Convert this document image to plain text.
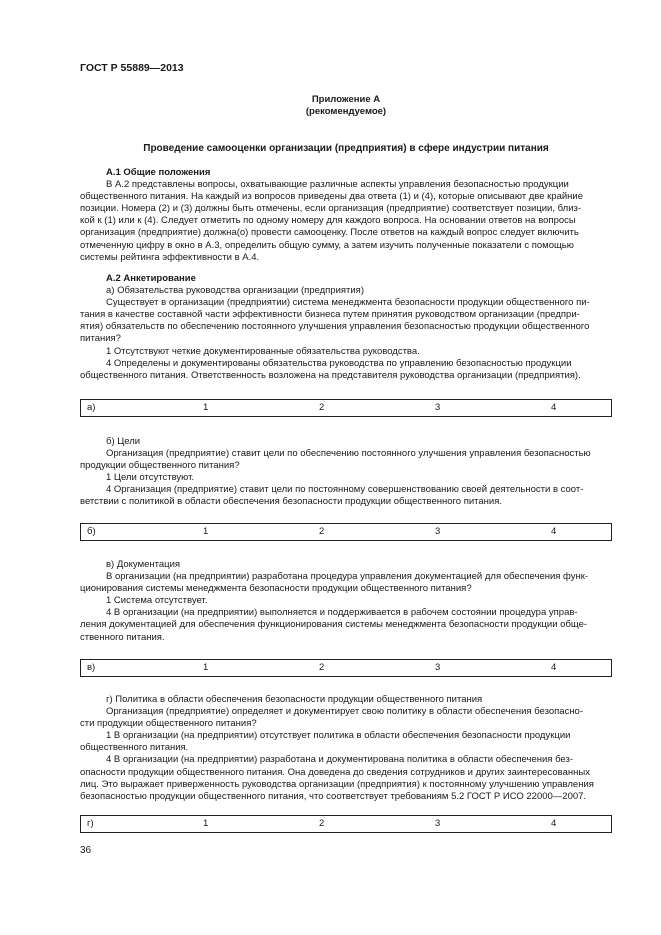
ГОСТ Р 55889—2013
Приложение А
(рекомендуемое)
Проведение самооценки организации (предприятия) в сфере индустрии питания

А.1 Общие положения

В А.2 представлены вопросы, охватывающие различные аспекты управления безопасностью продукции

общественного питания. На каждый из вопросов приведены два ответа (1) и (4), которые описывают две крайние

позиции. Номера (2) и (3) должны быть отмечены, если организация (предприятие) соответствует позиции, близ-

кой к (1) или к (4). Следует отметить по одному номеру для каждого вопроса. На основании ответов на вопросы

организация (предприятие) должна(о) провести самооценку. После ответов на каждый вопрос следует включить

отмеченную цифру в окно в А.3, определить общую сумму, а затем изучить полученные показатели с помощью

системы рейтинга эффективности в А.4.

А.2 Анкетирование

а) Обязательства руководства организации (предприятия)

Существует в организации (предприятии) система менеджмента безопасности продукции общественного пи-

тания в качестве составной части эффективности бизнеса путем принятия руководством организации (предпри-

ятия) обязательств по обеспечению постоянного улучшения управления безопасностью продукции общественного

питания?

1 Отсутствуют четкие документированные обязательства руководства.

4 Определены и документированы обязательства руководства по управлению безопасностью продукции

общественного питания. Ответственность возложена на представителя руководства организации (предприятия).

а)	1	2	3	4

б) Цели

Организация (предприятие) ставит цели по обеспечению постоянного улучшения управления безопасностью

продукции общественного питания?

1 Цели отсутствуют.

4 Организация (предприятие) ставит цели по постоянному совершенствованию своей деятельности в соот-

ветствии с политикой в области обеспечения безопасности продукции общественного питания.

б)	1	2	3	4

в) Документация

В организации (на предприятии) разработана процедура управления документацией для обеспечения функ-

ционирования системы менеджмента безопасности продукции общественного питания?

1 Система отсутствует.

4 В организации (на предприятии) выполняется и поддерживается в рабочем состоянии процедура управ-

ления документацией для обеспечения функционирования системы менеджмента безопасности продукции обще-

ственного питания.

в)	1	2	3	4

г) Политика в области обеспечения безопасности продукции общественного питания

Организация (предприятие) определяет и документирует свою политику в области обеспечения безопасно-

сти продукции общественного питания?

1 В организации (на предприятии) отсутствует политика в области обеспечения безопасности продукции

общественного питания.

4 В организации (на предприятии) разработана и документирована политика в области обеспечения без-

опасности продукции общественного питания. Она доведена до сведения сотрудников и других заинтересованных

лиц. Это выражает приверженность руководства организации (предприятия) к постоянному улучшению управления

безопасностью продукции общественного питания, что соответствует требованиям 5.2 ГОСТ Р ИСО 22000—2007.

г)	1	2	3	4
36
